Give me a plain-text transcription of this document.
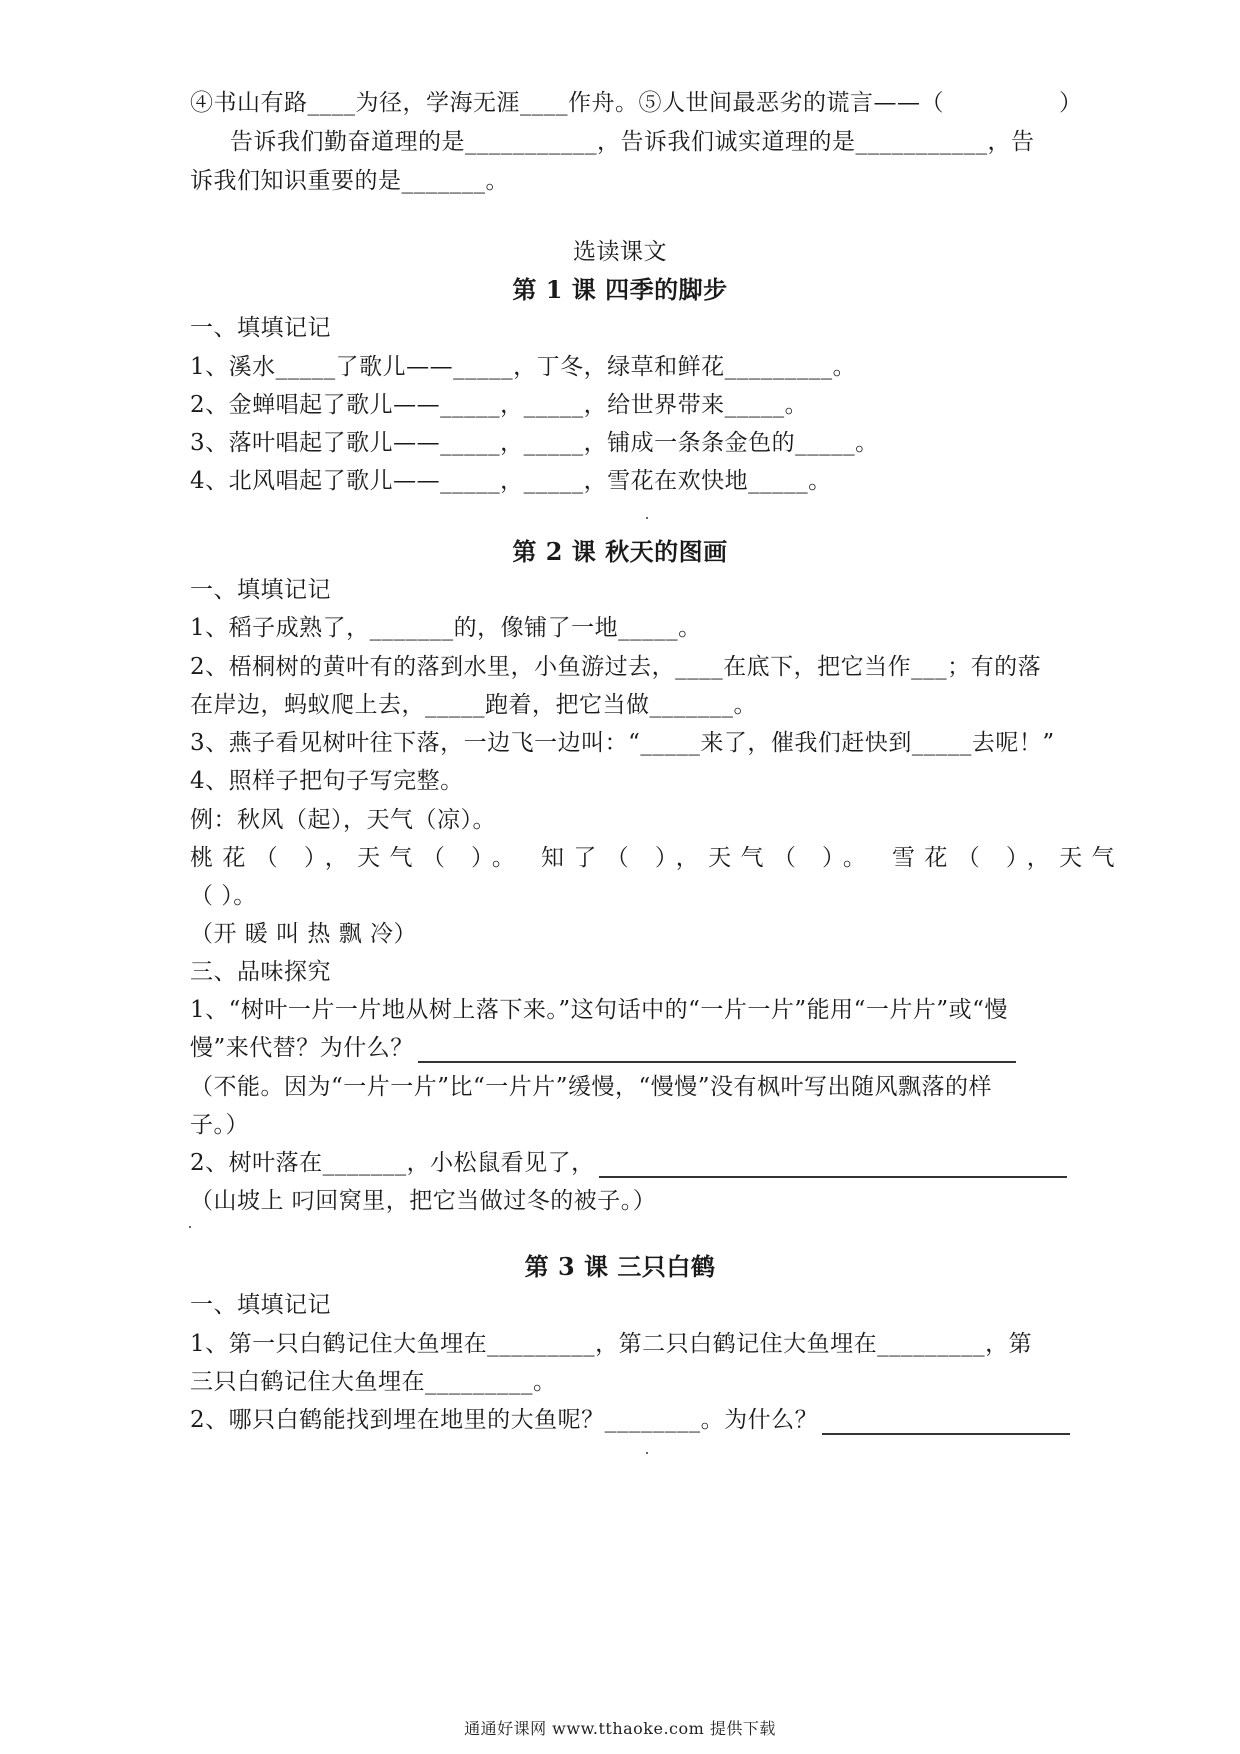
④书山有路____为径，学海无涯____作舟。⑤人世间最恶劣的谎言——（	）
告诉我们勤奋道理的是___________，告诉我们诚实道理的是___________，告
诉我们知识重要的是_______。
选读课文
第 1 课 四季的脚步
一、填填记记
1、溪水_____了歌儿——_____，丁冬，绿草和鲜花_________。
2、金蝉唱起了歌儿——_____，_____，给世界带来_____。
3、落叶唱起了歌儿——_____，_____，铺成一条条金色的_____。
4、北风唱起了歌儿——_____，_____，雪花在欢快地_____。
第 2 课 秋天的图画
一、填填记记
1、稻子成熟了，_______的，像铺了一地_____。
2、梧桐树的黄叶有的落到水里，小鱼游过去，____在底下，把它当作___；有的落
在岸边，蚂蚁爬上去，_____跑着，把它当做_______。
3、燕子看见树叶往下落，一边飞一边叫：“_____来了，催我们赶快到_____去呢！”
4、照样子把句子写完整。
例：秋风（起），天气（凉）。
桃花（ ），天气（ ）。 知了（ ），天气（ ）。 雪花（ ），天气
（ ）。
（开 暖 叫 热 飘 冷）
三、品味探究
1、“树叶一片一片地从树上落下来。”这句话中的“一片一片”能用“一片片”或“慢
慢”来代替？为什么？
（不能。因为“一片一片”比“一片片”缓慢，“慢慢”没有枫叶写出随风飘落的样
子。）
2、树叶落在_______，小松鼠看见了，
（山坡上 叼回窝里，把它当做过冬的被子。）
第 3 课 三只白鹤
一、填填记记
1、第一只白鹤记住大鱼埋在_________，第二只白鹤记住大鱼埋在_________，第
三只白鹤记住大鱼埋在_________。
2、哪只白鹤能找到埋在地里的大鱼呢？________。为什么？
通通好课网 www.tthaoke.com 提供下载
